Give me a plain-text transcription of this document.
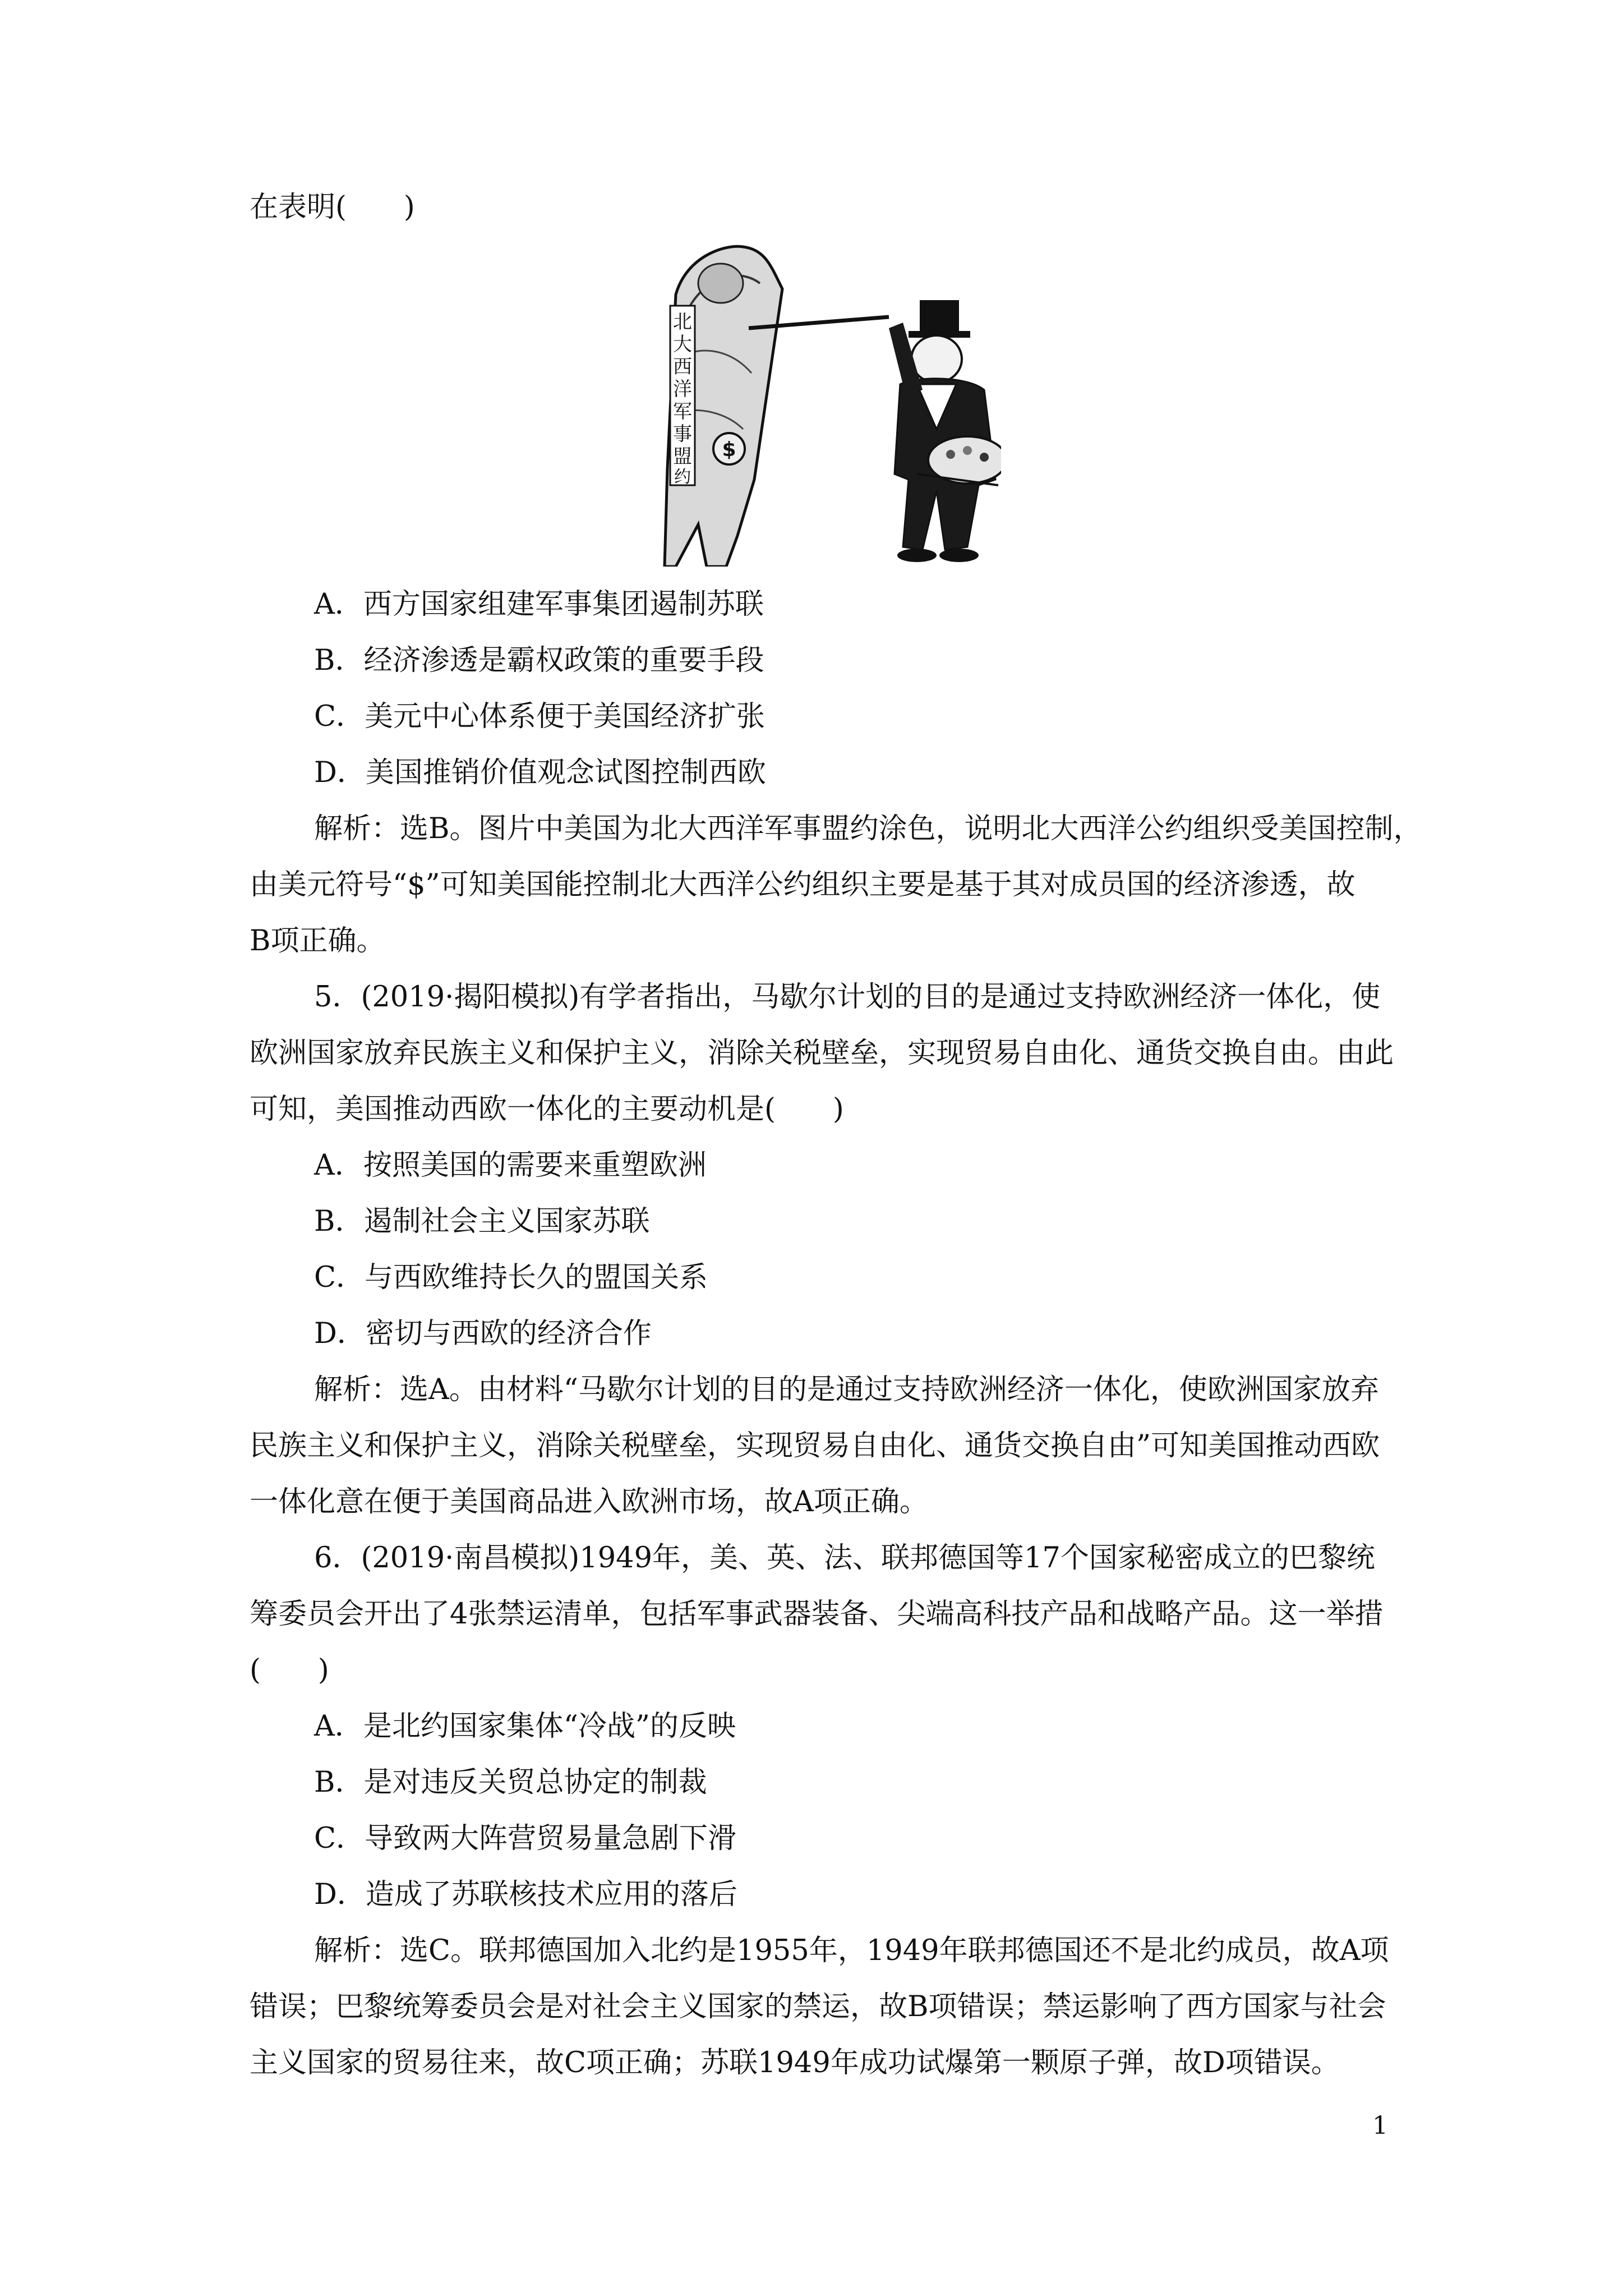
在表明(　　)
北
大
西
洋
军
事
盟
约
$
A．西方国家组建军事集团遏制苏联
B．经济渗透是霸权政策的重要手段
C．美元中心体系便于美国经济扩张
D．美国推销价值观念试图控制西欧
解析：选B。图片中美国为北大西洋军事盟约涂色，说明北大西洋公约组织受美国控制，
由美元符号“$”可知美国能控制北大西洋公约组织主要是基于其对成员国的经济渗透，故
B项正确。
5．(2019·揭阳模拟)有学者指出，马歇尔计划的目的是通过支持欧洲经济一体化，使
欧洲国家放弃民族主义和保护主义，消除关税壁垒，实现贸易自由化、通货交换自由。由此
可知，美国推动西欧一体化的主要动机是(　　)
A．按照美国的需要来重塑欧洲
B．遏制社会主义国家苏联
C．与西欧维持长久的盟国关系
D．密切与西欧的经济合作
解析：选A。由材料“马歇尔计划的目的是通过支持欧洲经济一体化，使欧洲国家放弃
民族主义和保护主义，消除关税壁垒，实现贸易自由化、通货交换自由”可知美国推动西欧
一体化意在便于美国商品进入欧洲市场，故A项正确。
6．(2019·南昌模拟)1949年，美、英、法、联邦德国等17个国家秘密成立的巴黎统
筹委员会开出了4张禁运清单，包括军事武器装备、尖端高科技产品和战略产品。这一举措
(　　)
A．是北约国家集体“冷战”的反映
B．是对违反关贸总协定的制裁
C．导致两大阵营贸易量急剧下滑
D．造成了苏联核技术应用的落后
解析：选C。联邦德国加入北约是1955年，1949年联邦德国还不是北约成员，故A项
错误；巴黎统筹委员会是对社会主义国家的禁运，故B项错误；禁运影响了西方国家与社会
主义国家的贸易往来，故C项正确；苏联1949年成功试爆第一颗原子弹，故D项错误。
1
